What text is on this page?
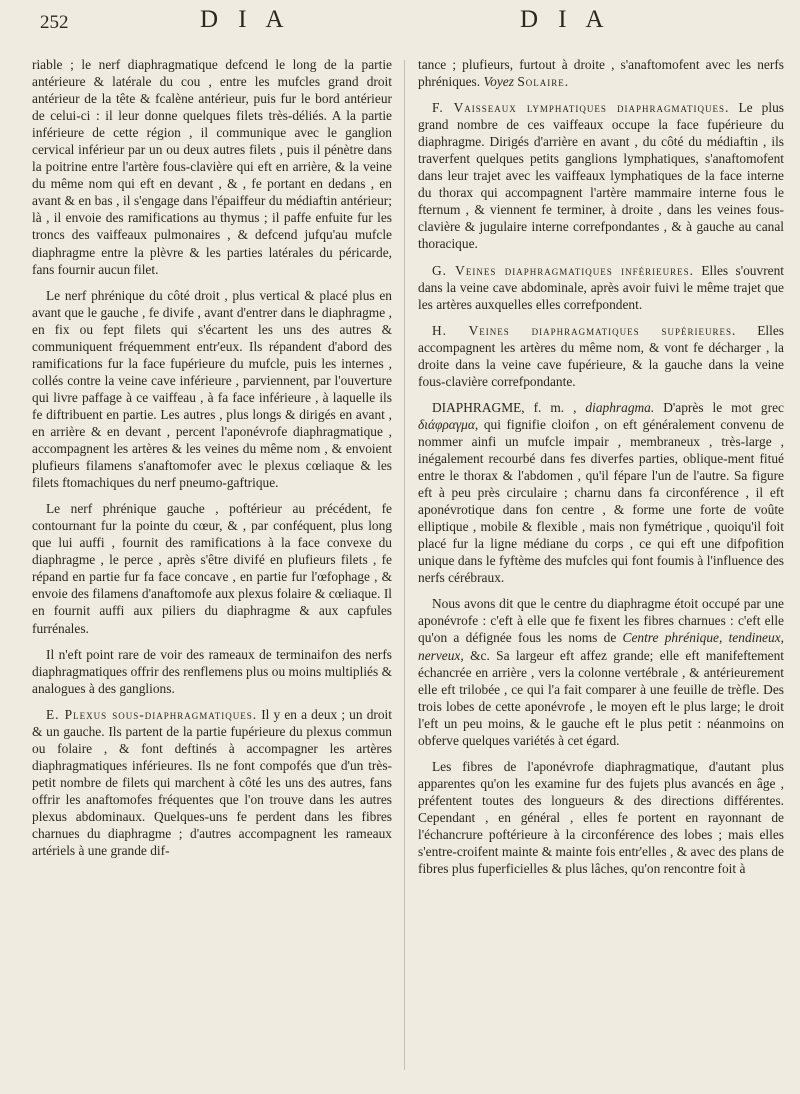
252	D I A	D I A

riable ; le nerf diaphragmatique defcend le long de la partie antérieure & latérale du cou , entre les mufcles grand droit antérieur de la tête & fcalène antérieur, puis fur le bord antérieur de celui-ci : il leur donne quelques filets très-déliés. A la partie inférieure de cette région , il communique avec le ganglion cervical inférieur par un ou deux autres filets , puis il pénètre dans la poitrine entre l'artère fous-clavière qui eft en arrière, & la veine du même nom qui eft en devant , & , fe portant en dedans , en avant & en bas , il s'engage dans l'épaiffeur du médiaftin antérieur; là , il envoie des ramifications au thymus ; il paffe enfuite fur les troncs des vaiffeaux pulmonaires , & defcend jufqu'au mufcle diaphragme entre la plèvre & les parties latérales du péricarde, fans fournir aucun filet.

Le nerf phrénique du côté droit , plus vertical & placé plus en avant que le gauche , fe divife , avant d'entrer dans le diaphragme , en fix ou fept filets qui s'écartent les uns des autres & communiquent fréquemment entr'eux. Ils répandent d'abord des ramifications fur la face fupérieure du mufcle, puis les internes , collés contre la veine cave inférieure , parviennent, par l'ouverture qui livre paffage à ce vaiffeau , à fa face inférieure , à laquelle ils fe diftribuent en partie. Les autres , plus longs & dirigés en avant , en arrière & en devant , percent l'aponévrofe diaphragmatique , accompagnent les artères & les veines du même nom , & envoient plufieurs filamens s'anaftomofer avec le plexus cœliaque & les filets ftomachiques du nerf pneumo-gaftrique.

Le nerf phrénique gauche , poftérieur au précédent, fe contournant fur la pointe du cœur, & , par conféquent, plus long que lui auffi , fournit des ramifications à la face convexe du diaphragme , le perce , après s'être divifé en plufieurs filets , fe répand en partie fur fa face concave , en partie fur l'œfophage , & envoie des filamens d'anaftomofe aux plexus folaire & cœliaque. Il en fournit auffi aux piliers du diaphragme & aux capfules furrénales.

Il n'eft point rare de voir des rameaux de terminaifon des nerfs diaphragmatiques offrir des renflemens plus ou moins multipliés & analogues à des ganglions.

E. Plexus sous-diaphragmatiques. Il y en a deux ; un droit & un gauche. Ils partent de la partie fupérieure du plexus commun ou folaire , & font deftinés à accompagner les artères diaphragmatiques inférieures. Ils ne font compofés que d'un très-petit nombre de filets qui marchent à côté les uns des autres, fans offrir les anaftomofes fréquentes que l'on trouve dans les autres plexus abdominaux. Quelques-uns fe perdent dans les fibres charnues du diaphragme ; d'autres accompagnent les rameaux artériels à une grande dif-

tance ; plufieurs, furtout à droite , s'anaftomofent avec les nerfs phréniques. Voyez Solaire.

F. Vaisseaux lymphatiques diaphragmatiques. Le plus grand nombre de ces vaiffeaux occupe la face fupérieure du diaphragme. Dirigés d'arrière en avant , du côté du médiaftin , ils traverfent quelques petits ganglions lymphatiques, s'anaftomofent dans leur trajet avec les vaiffeaux lymphatiques de la face interne du thorax qui accompagnent l'artère mammaire interne fous le fternum , & viennent fe terminer, à droite , dans les veines fous-clavière & jugulaire interne correfpondantes , & à gauche au canal thoracique.

G. Veines diaphragmatiques inférieures. Elles s'ouvrent dans la veine cave abdominale, après avoir fuivi le même trajet que les artères auxquelles elles correfpondent.

H. Veines diaphragmatiques supérieures. Elles accompagnent les artères du même nom, & vont fe décharger , la droite dans la veine cave fupérieure, & la gauche dans la veine fous-clavière correfpondante.

DIAPHRAGME, f. m. , diaphragma. D'après le mot grec διάφραγμα, qui fignifie cloifon , on eft généralement convenu de nommer ainfi un mufcle impair , membraneux , très-large , inégalement recourbé dans fes diverfes parties, oblique-ment fitué entre le thorax & l'abdomen , qu'il fépare l'un de l'autre. Sa figure eft à peu près circulaire ; charnu dans fa circonférence , il eft aponévrotique dans fon centre , & forme une forte de voûte elliptique , mobile & flexible , mais non fymétrique , quoiqu'il foit placé fur la ligne médiane du corps , ce qui eft une difpofition unique dans le fyftème des mufcles qui font foumis à l'influence des nerfs cérébraux.

Nous avons dit que le centre du diaphragme étoit occupé par une aponévrofe : c'eft à elle que fe fixent les fibres charnues : c'eft elle qu'on a défignée fous les noms de Centre phrénique, tendineux, nerveux, &c. Sa largeur eft affez grande; elle eft manifeftement échancrée en arrière , vers la colonne vertébrale , & antérieurement elle eft trilobée , ce qui l'a fait comparer à une feuille de trèfle. Des trois lobes de cette aponévrofe , le moyen eft le plus large; le droit l'eft un peu moins, & le gauche eft le plus petit : néanmoins on obferve quelques variétés à cet égard.

Les fibres de l'aponévrofe diaphragmatique, d'autant plus apparentes qu'on les examine fur des fujets plus avancés en âge , préfentent toutes des longueurs & des directions différentes. Cependant , en général , elles fe portent en rayonnant de l'échancrure poftérieure à la circonférence des lobes ; mais elles s'entre-croifent mainte & mainte fois entr'elles , & avec des plans de fibres plus fuperficielles & plus lâches, qu'on rencontre foit à
